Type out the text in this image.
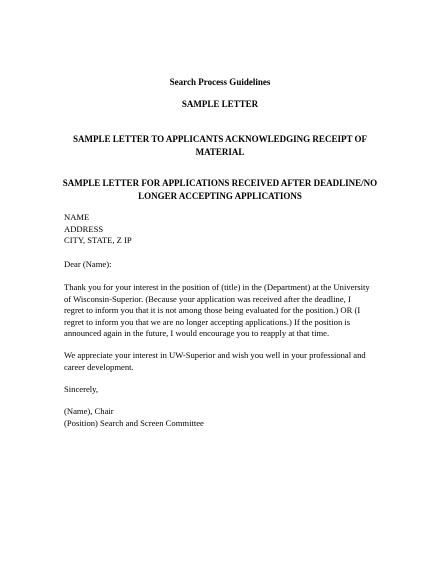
Search Process Guidelines
SAMPLE LETTER
SAMPLE LETTER TO APPLICANTS ACKNOWLEDGING RECEIPT OF
MATERIAL
SAMPLE LETTER FOR APPLICATIONS RECEIVED AFTER DEADLINE/NO
LONGER ACCEPTING APPLICATIONS
NAME
ADDRESS
CITY, STATE, Z IP
Dear (Name):
Thank you for your interest in the position of (title) in the (Department) at the University
of Wisconsin-Superior. (Because your application was received after the deadline, I
regret to inform you that it is not among those being evaluated for the position.) OR (I
regret to inform you that we are no longer accepting applications.) If the position is
announced again in the future, I would encourage you to reapply at that time.
We appreciate your interest in UW-Superior and wish you well in your professional and
career development.
Sincerely,
(Name), Chair
(Position) Search and Screen Committee
